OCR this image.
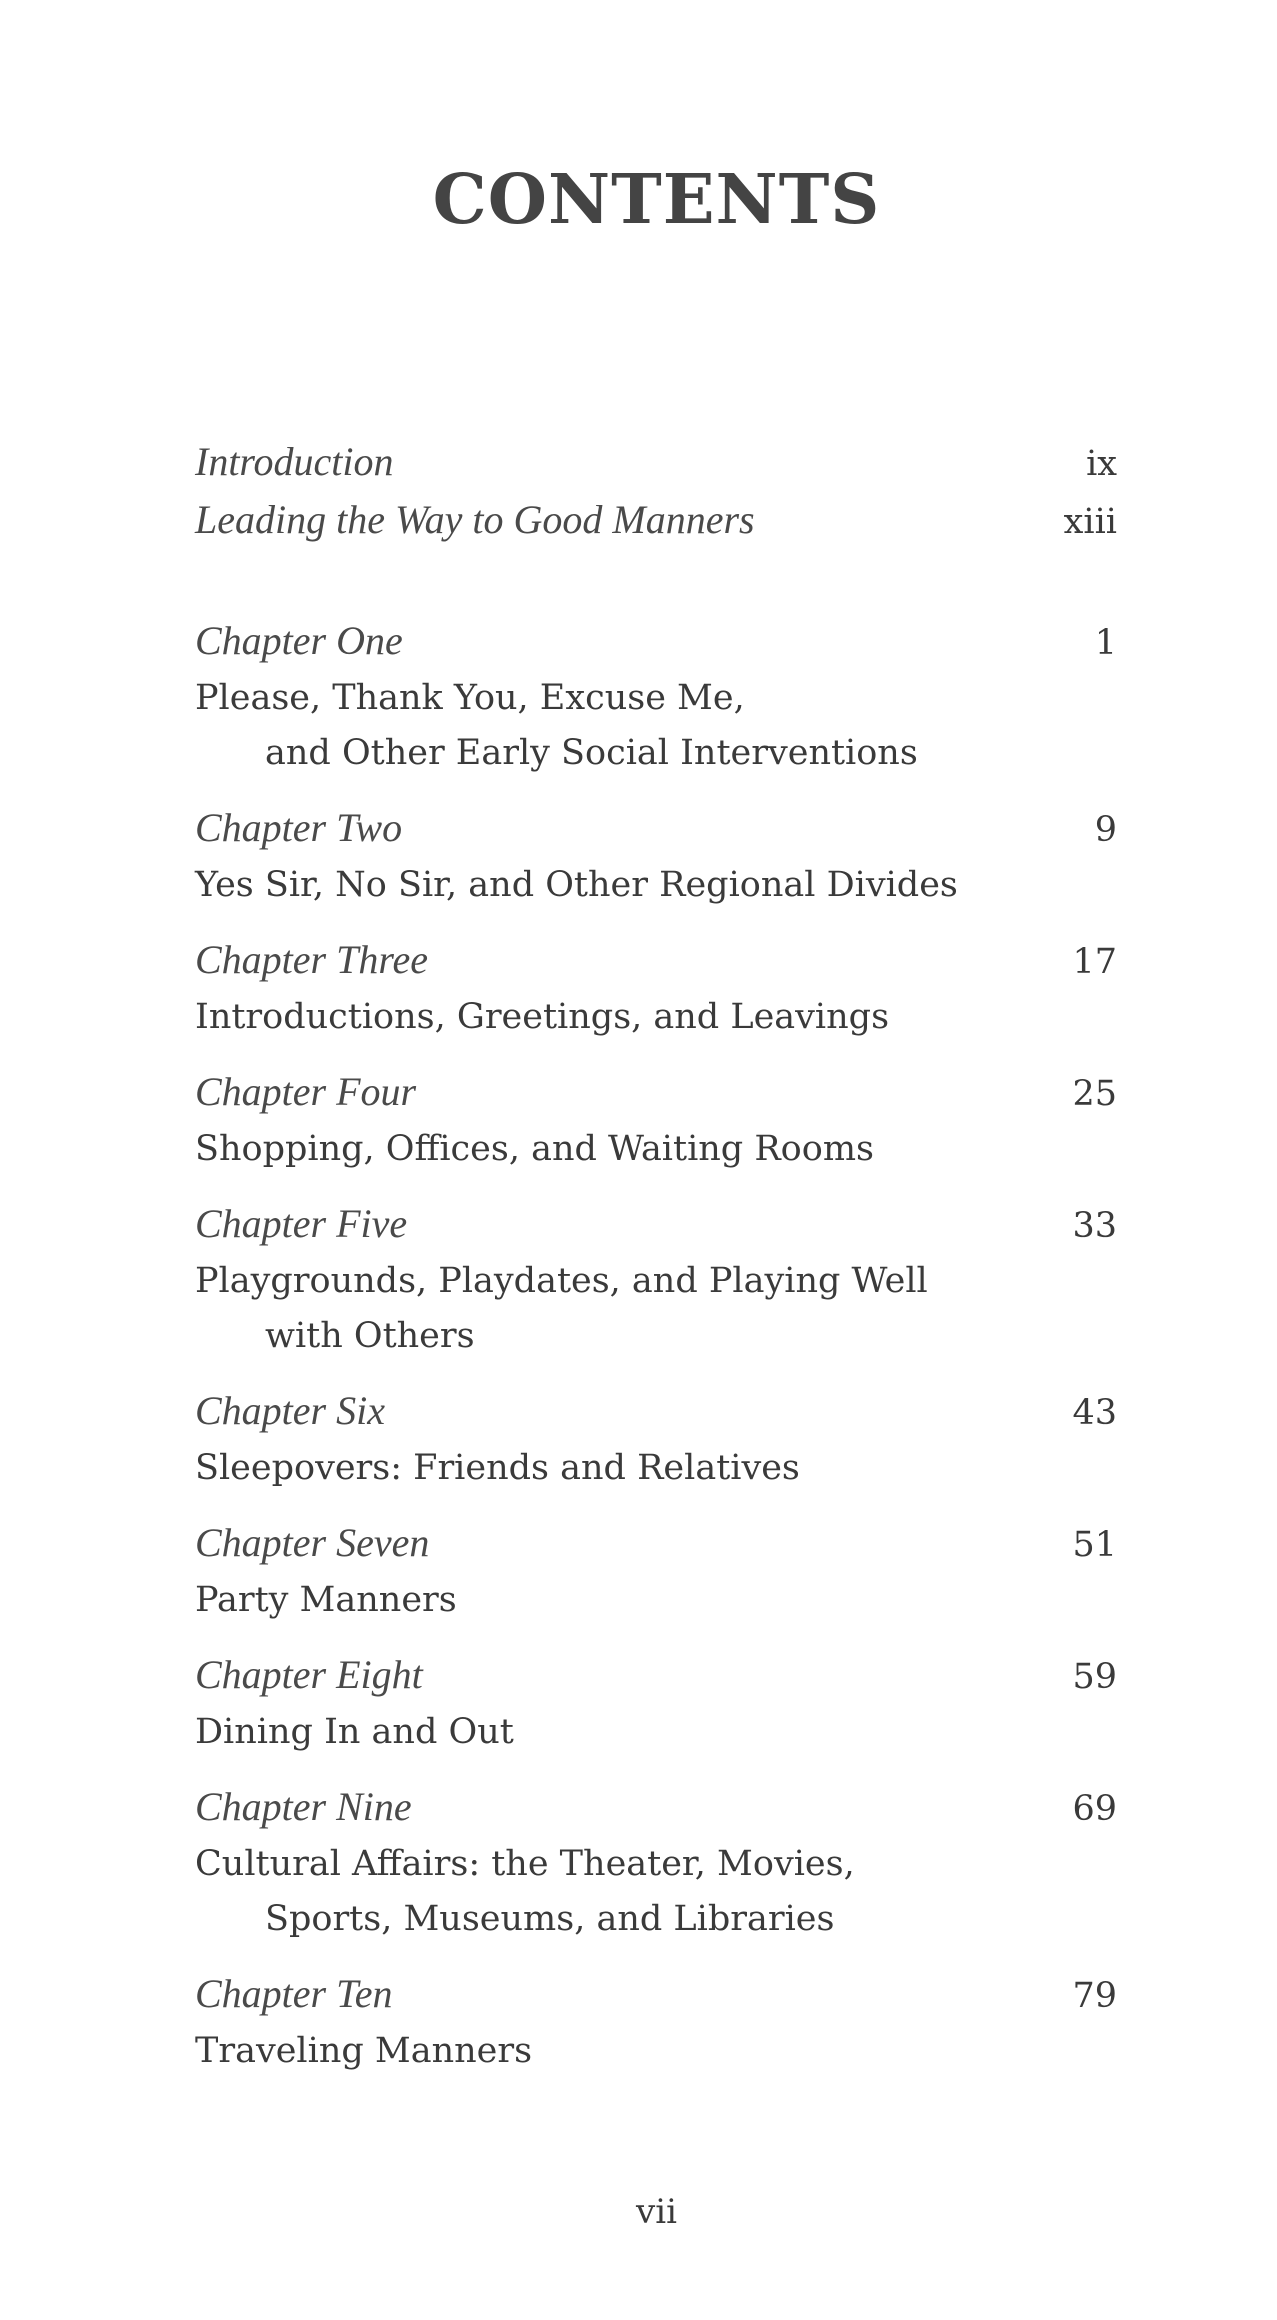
CONTENTS
Introduction	ix
Leading the Way to Good Manners	xiii
Chapter One	1
Please, Thank You, Excuse Me,
and Other Early Social Interventions
Chapter Two	9
Yes Sir, No Sir, and Other Regional Divides
Chapter Three	17
Introductions, Greetings, and Leavings
Chapter Four	25
Shopping, Offices, and Waiting Rooms
Chapter Five	33
Playgrounds, Playdates, and Playing Well
with Others
Chapter Six	43
Sleepovers: Friends and Relatives
Chapter Seven	51
Party Manners
Chapter Eight	59
Dining In and Out
Chapter Nine	69
Cultural Affairs: the Theater, Movies,
Sports, Museums, and Libraries
Chapter Ten	79
Traveling Manners
vii
